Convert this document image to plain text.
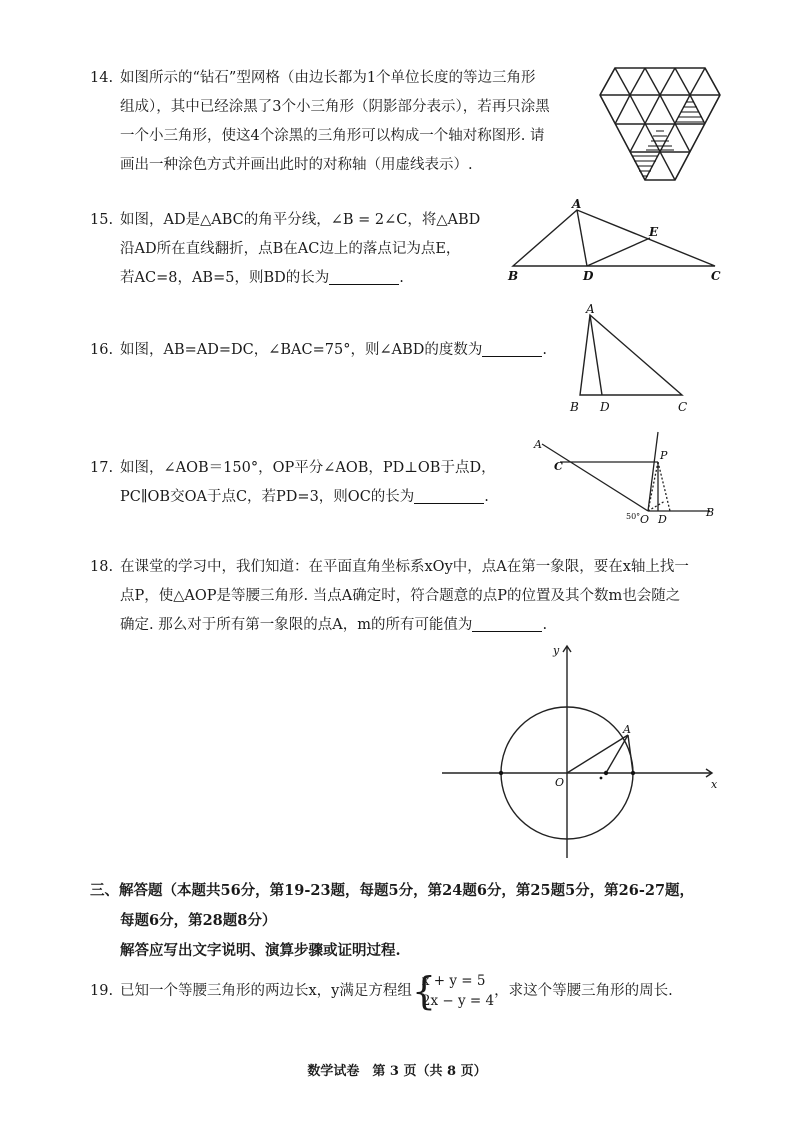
14. 如图所示的“钻石”型网格（由边长都为1个单位长度的等边三角形

组成），其中已经涂黑了3个小三角形（阴影部分表示），若再只涂黑

一个小三角形，使这4个涂黑的三角形可以构成一个轴对称图形. 请

画出一种涂色方式并画出此时的对称轴（用虚线表示）.

15. 如图，AD是△ABC的角平分线，∠B = 2∠C，将△ABD

沿AD所在直线翻折，点B在AC边上的落点记为点E，

若AC=8，AB=5，则BD的长为	.

A
B	C
D
E

16. 如图，AB=AD=DC，∠BAC=75°，则∠ABD的度数为	.

A
B D	C

17. 如图，∠AOB＝150°，OP平分∠AOB，PD⊥OB于点D，

PC∥OB交OA于点C，若PD=3，则OC的长为	.

A
C
P
O D
B
50°

18. 在课堂的学习中，我们知道：在平面直角坐标系xOy中，点A在第一象限，要在x轴上找一

点P，使△AOP是等腰三角形. 当点A确定时，符合题意的点P的位置及其个数m也会随之

确定. 那么对于所有第一象限的点A，m的所有可能值为	.

y
x
O
A

三、解答题（本题共56分，第19-23题，每题5分，第24题6分，第25题5分，第26-27题，

每题6分，第28题8分）

解答应写出文字说明、演算步骤或证明过程.

19. 已知一个等腰三角形的两边长x，y满足方程组 {
x + y = 5
2x − y = 4
，求这个等腰三角形的周长.

数学试卷　第 3 页（共 8 页）
